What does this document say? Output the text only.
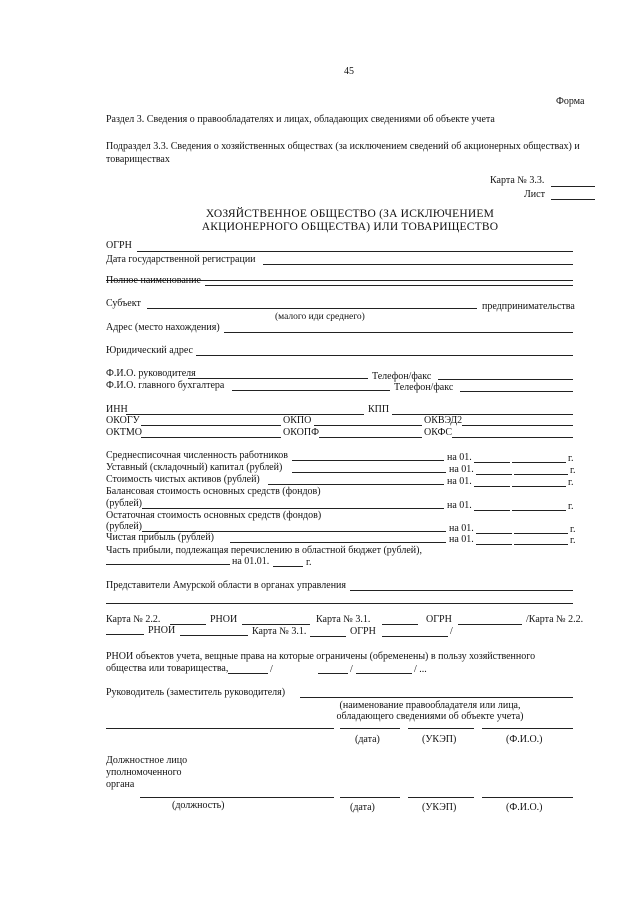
45
Форма
Раздел 3. Сведения о правообладателях и лицах, обладающих сведениями об объекте учета
Подраздел 3.3. Сведения о хозяйственных обществах (за исключением сведений об акционерных обществах) и
товариществах
Карта № 3.3.
Лист
ХОЗЯЙСТВЕННОЕ ОБЩЕСТВО (ЗА ИСКЛЮЧЕНИЕМ
АКЦИОНЕРНОГО ОБЩЕСТВА) ИЛИ ТОВАРИЩЕСТВО
ОГРН
Дата государственной регистрации
Полное наименование
Субъект	предпринимательства
(малого иди среднего)
Адрес (место нахождения)
Юридический адрес
Ф.И.О. руководителя	Телефон/факс
Ф.И.О. главного бухгалтера	Телефон/факс
ИНН	КПП
ОКОГУ	ОКПО	ОКВЭД2
ОКТМО	ОКОПФ	ОКФС
Среднесписочная численность работников	на 01.	г.
Уставный (складочный) капитал (рублей)	на 01.	г.
Стоимость чистых активов (рублей)	на 01.	г.
Балансовая стоимость основных средств (фондов)
(рублей)	на 01.	г.
Остаточная стоимость основных средств (фондов)
(рублей)	на 01.	г.
Чистая прибыль (рублей)	на 01.	г.
Часть прибыли, подлежащая перечислению в областной бюджет (рублей),
на 01.01.	г.
Представители Амурской области в органах управления
Карта № 2.2.	РНОИ	Карта № 3.1.	ОГРН	/Карта № 2.2.
РНОИ	Карта № 3.1.	ОГРН	/
РНОИ объектов учета, вещные права на которые ограничены (обременены) в пользу хозяйственного
общества или товарищества,	/	/	/ ...
Руководитель (заместитель руководителя)
(наименование правообладателя или лица,
обладающего сведениями об объекте учета)
(дата)	(УКЭП)	(Ф.И.О.)
Должностное лицо
уполномоченного
органа
(должность)	(дата)	(УКЭП)	(Ф.И.О.)
